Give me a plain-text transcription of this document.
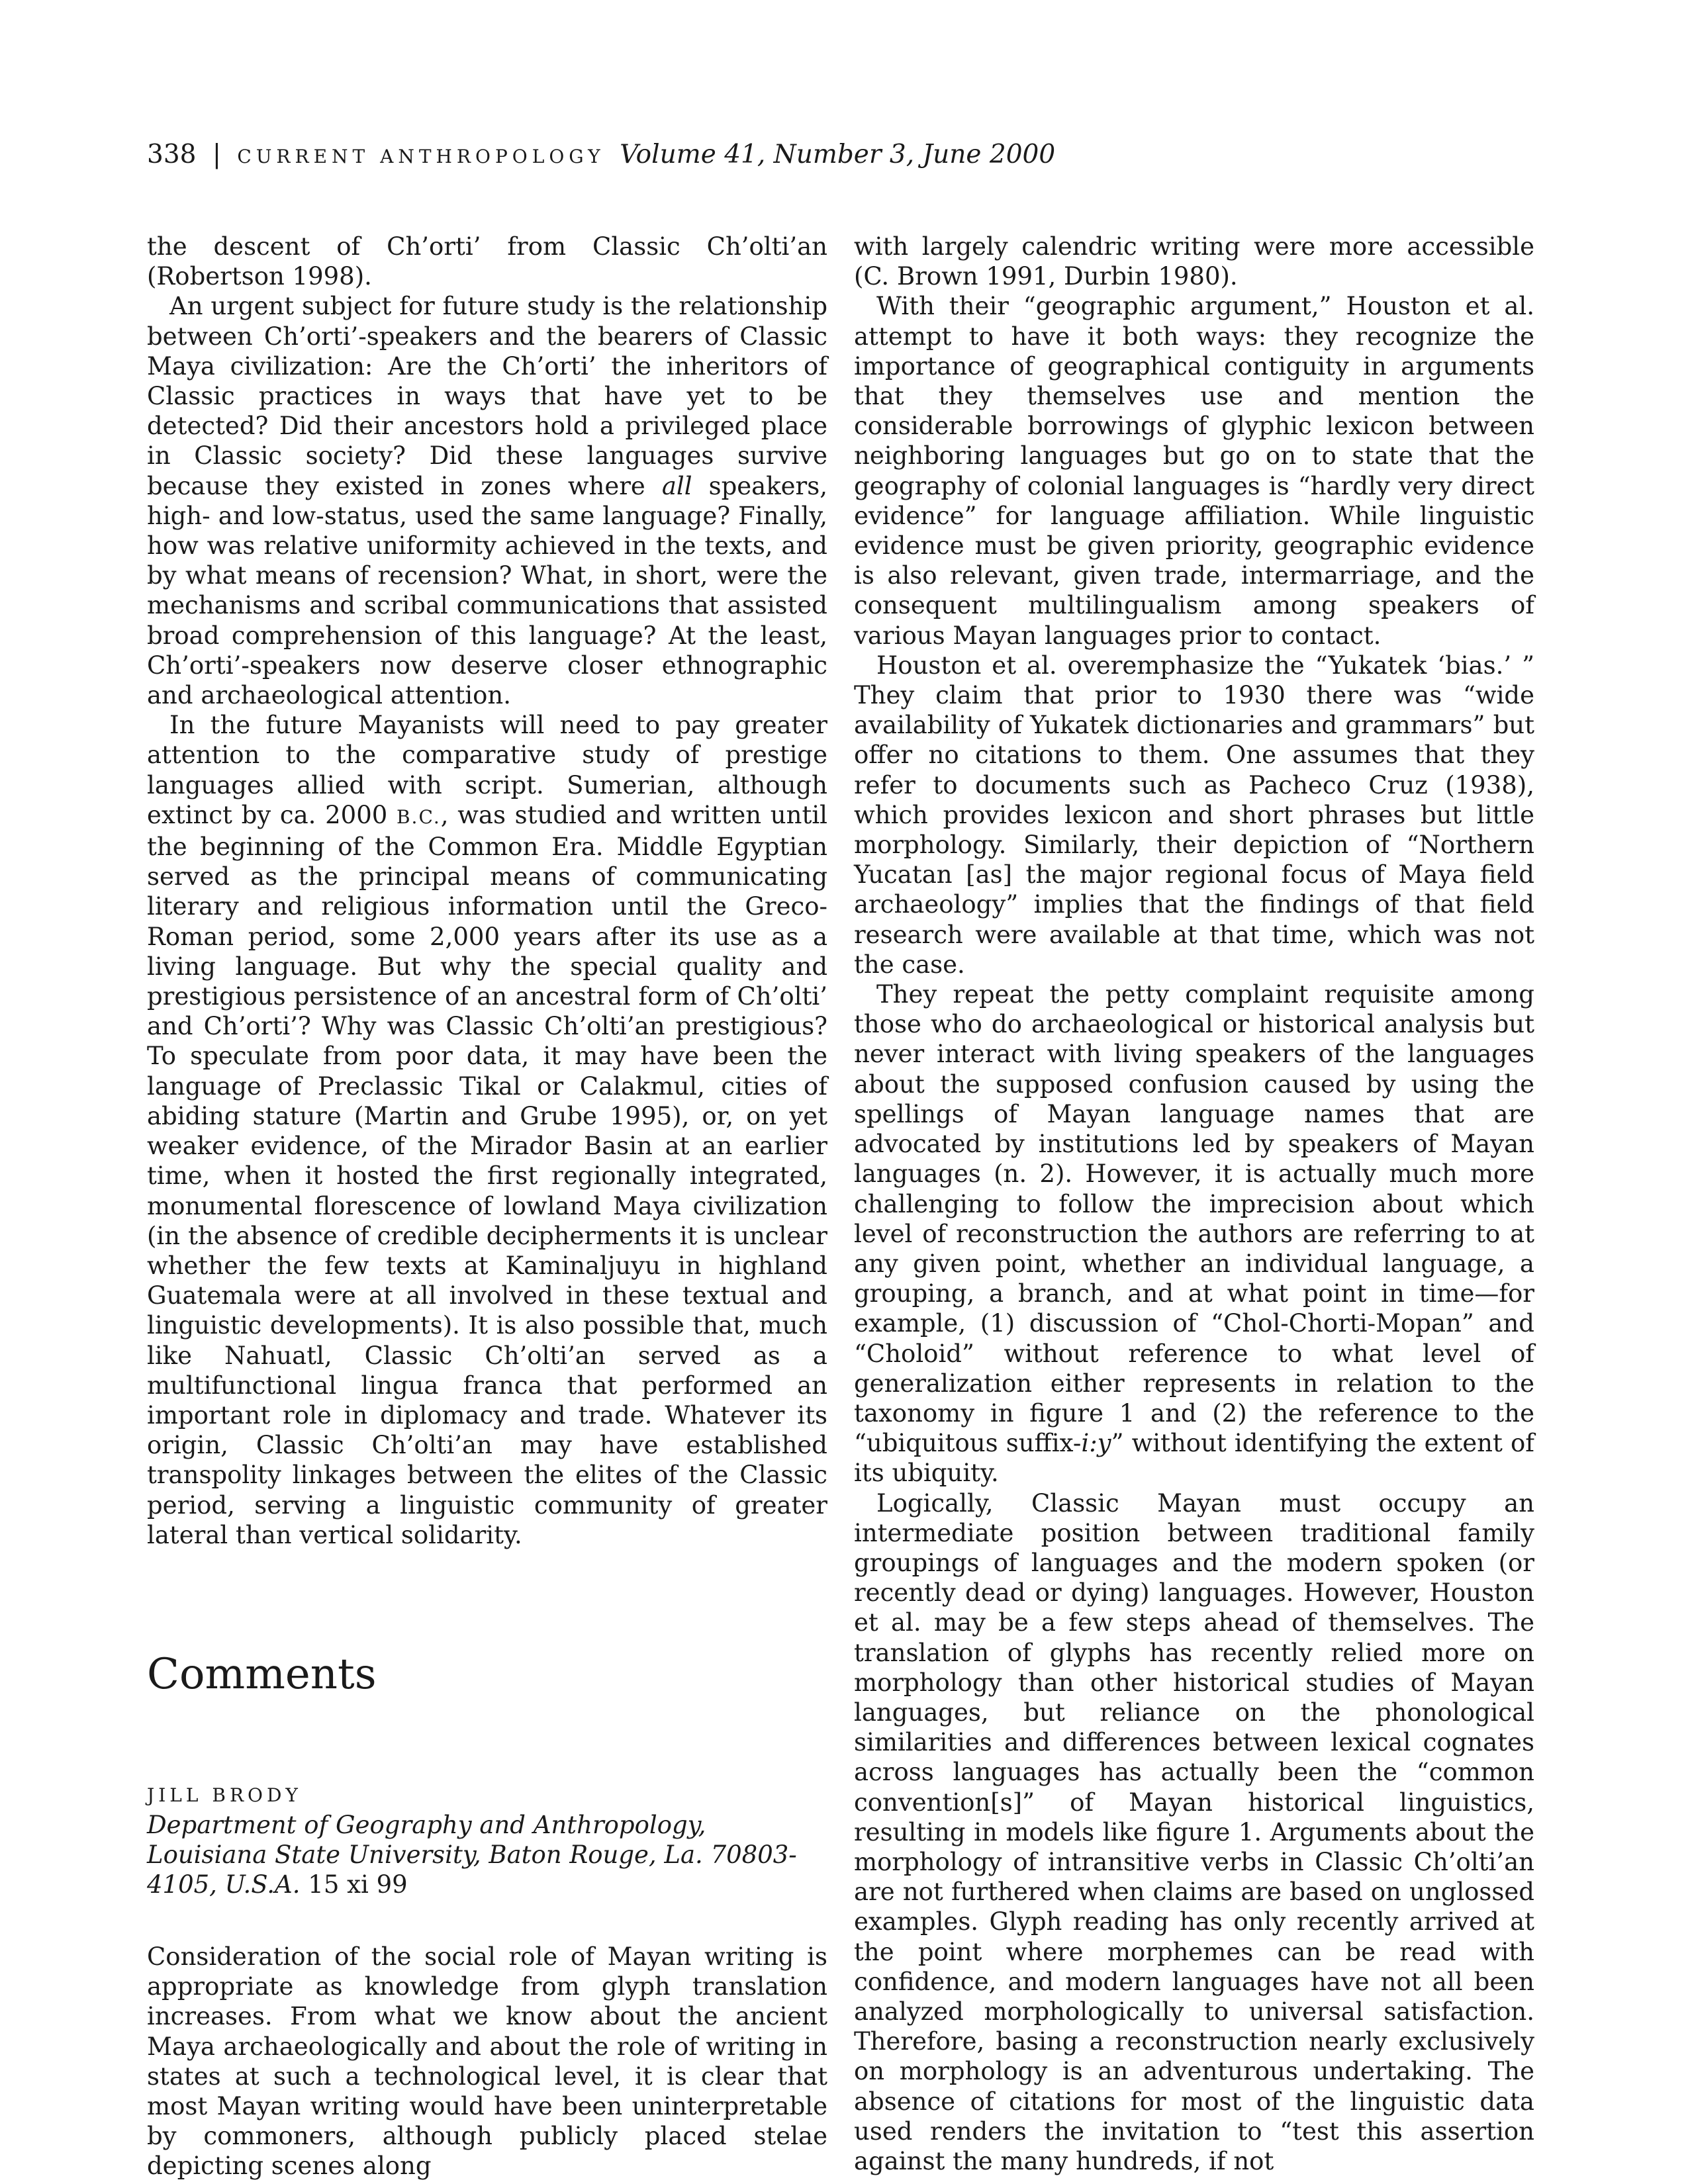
338 | CURRENT ANTHROPOLOGY Volume 41, Number 3, June 2000

the descent of Ch’orti’ from Classic Ch’olti’an (Robertson 1998).

An urgent subject for future study is the relationship between Ch’orti’-speakers and the bearers of Classic Maya civilization: Are the Ch’orti’ the inheritors of Classic practices in ways that have yet to be detected? Did their ancestors hold a privileged place in Classic society? Did these languages survive because they existed in zones where all speakers, high- and low-status, used the same language? Finally, how was relative uniformity achieved in the texts, and by what means of recension? What, in short, were the mechanisms and scribal communications that assisted broad comprehension of this language? At the least, Ch’orti’-speakers now deserve closer ethnographic and archaeological attention.

In the future Mayanists will need to pay greater attention to the comparative study of prestige languages allied with script. Sumerian, although extinct by ca. 2000 B.C., was studied and written until the beginning of the Common Era. Middle Egyptian served as the principal means of communicating literary and religious information until the Greco-Roman period, some 2,000 years after its use as a living language. But why the special quality and prestigious persistence of an ancestral form of Ch’olti’ and Ch’orti’? Why was Classic Ch’olti’an prestigious? To speculate from poor data, it may have been the language of Preclassic Tikal or Calakmul, cities of abiding stature (Martin and Grube 1995), or, on yet weaker evidence, of the Mirador Basin at an earlier time, when it hosted the first regionally integrated, monumental florescence of lowland Maya civilization (in the absence of credible decipherments it is unclear whether the few texts at Kaminaljuyu in highland Guatemala were at all involved in these textual and linguistic developments). It is also possible that, much like Nahuatl, Classic Ch’olti’an served as a multifunctional lingua franca that performed an important role in diplomacy and trade. Whatever its origin, Classic Ch’olti’an may have established transpolity linkages between the elites of the Classic period, serving a linguistic community of greater lateral than vertical solidarity.

Comments
JILL BRODY
Department of Geography and Anthropology,
Louisiana State University, Baton Rouge, La. 70803-
4105, U.S.A. 15 xi 99

Consideration of the social role of Mayan writing is appropriate as knowledge from glyph translation increases. From what we know about the ancient Maya archaeologically and about the role of writing in states at such a technological level, it is clear that most Mayan writing would have been uninterpretable by commoners, although publicly placed stelae depicting scenes along

with largely calendric writing were more accessible (C. Brown 1991, Durbin 1980).

With their “geographic argument,” Houston et al. attempt to have it both ways: they recognize the importance of geographical contiguity in arguments that they themselves use and mention the considerable borrowings of glyphic lexicon between neighboring languages but go on to state that the geography of colonial languages is “hardly very direct evidence” for language affiliation. While linguistic evidence must be given priority, geographic evidence is also relevant, given trade, intermarriage, and the consequent multilingualism among speakers of various Mayan languages prior to contact.

Houston et al. overemphasize the “Yukatek ‘bias.’ ” They claim that prior to 1930 there was “wide availability of Yukatek dictionaries and grammars” but offer no citations to them. One assumes that they refer to documents such as Pacheco Cruz (1938), which provides lexicon and short phrases but little morphology. Similarly, their depiction of “Northern Yucatan [as] the major regional focus of Maya field archaeology” implies that the findings of that field research were available at that time, which was not the case.

They repeat the petty complaint requisite among those who do archaeological or historical analysis but never interact with living speakers of the languages about the supposed confusion caused by using the spellings of Mayan language names that are advocated by institutions led by speakers of Mayan languages (n. 2). However, it is actually much more challenging to follow the imprecision about which level of reconstruction the authors are referring to at any given point, whether an individual language, a grouping, a branch, and at what point in time—for example, (1) discussion of “Chol-Chorti-Mopan” and “Choloid” without reference to what level of generalization either represents in relation to the taxonomy in figure 1 and (2) the reference to the “ubiquitous suffix-i:y” without identifying the extent of its ubiquity.

Logically, Classic Mayan must occupy an intermediate position between traditional family groupings of languages and the modern spoken (or recently dead or dying) languages. However, Houston et al. may be a few steps ahead of themselves. The translation of glyphs has recently relied more on morphology than other historical studies of Mayan languages, but reliance on the phonological similarities and differences between lexical cognates across languages has actually been the “common convention[s]” of Mayan historical linguistics, resulting in models like figure 1. Arguments about the morphology of intransitive verbs in Classic Ch’olti’an are not furthered when claims are based on unglossed examples. Glyph reading has only recently arrived at the point where morphemes can be read with confidence, and modern languages have not all been analyzed morphologically to universal satisfaction. Therefore, basing a reconstruction nearly exclusively on morphology is an adventurous undertaking. The absence of citations for most of the linguistic data used renders the invitation to “test this assertion against the many hundreds, if not
